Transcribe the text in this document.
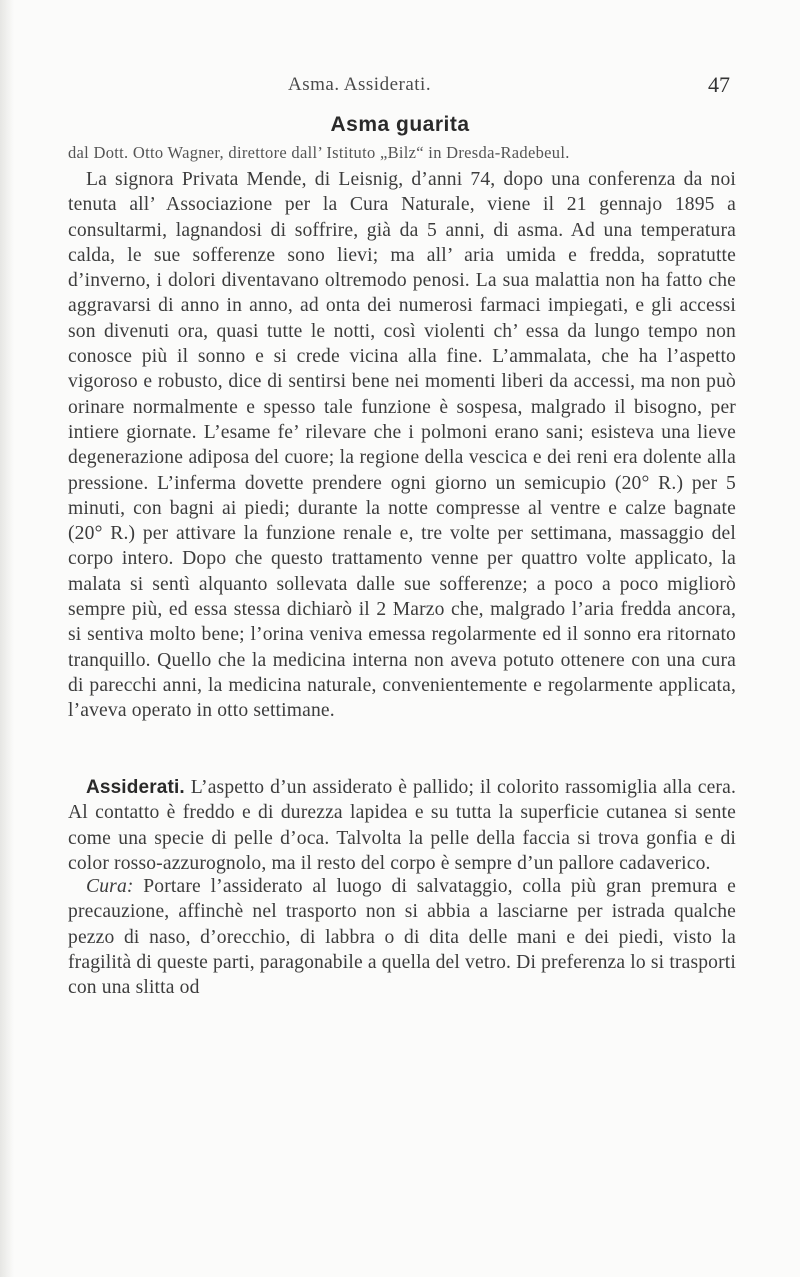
Asma. Assiderati.	47
Asma guarita
dal Dott. Otto Wagner, direttore dall’ Istituto „Bilz“ in Dresda-Radebeul.

La signora Privata Mende, di Leisnig, d’anni 74, dopo una conferenza da noi tenuta all’ Associazione per la Cura Naturale, viene il 21 gennajo 1895 a consultarmi, lagnandosi di soffrire, già da 5 anni, di asma. Ad una temperatura calda, le sue sofferenze sono lievi; ma all’ aria umida e fredda, sopratutte d’inverno, i dolori diventavano oltremodo penosi. La sua malattia non ha fatto che aggravarsi di anno in anno, ad onta dei numerosi farmaci impiegati, e gli accessi son divenuti ora, quasi tutte le notti, così violenti ch’ essa da lungo tempo non conosce più il sonno e si crede vicina alla fine. L’ammalata, che ha l’aspetto vigoroso e robusto, dice di sentirsi bene nei momenti liberi da accessi, ma non può orinare normalmente e spesso tale funzione è sospesa, malgrado il bisogno, per intiere giornate. L’esame fe’ rilevare che i polmoni erano sani; esisteva una lieve degenerazione adiposa del cuore; la regione della vescica e dei reni era dolente alla pressione. L’inferma dovette prendere ogni giorno un semicupio (20° R.) per 5 minuti, con bagni ai piedi; durante la notte compresse al ventre e calze bagnate (20° R.) per attivare la funzione renale e, tre volte per settimana, massaggio del corpo intero. Dopo che questo trattamento venne per quattro volte applicato, la malata si sentì alquanto sollevata dalle sue sofferenze; a poco a poco migliorò sempre più, ed essa stessa dichiarò il 2 Marzo che, malgrado l’aria fredda ancora, si sentiva molto bene; l’orina veniva emessa regolarmente ed il sonno era ritornato tranquillo. Quello che la medicina interna non aveva potuto ottenere con una cura di parecchi anni, la medicina naturale, convenientemente e regolarmente applicata, l’aveva operato in otto settimane.

Assiderati. L’aspetto d’un assiderato è pallido; il colorito rassomiglia alla cera. Al contatto è freddo e di durezza lapidea e su tutta la superficie cutanea si sente come una specie di pelle d’oca. Talvolta la pelle della faccia si trova gonfia e di color rosso-azzurognolo, ma il resto del corpo è sempre d’un pallore cadaverico.

Cura: Portare l’assiderato al luogo di salvataggio, colla più gran premura e precauzione, affinchè nel trasporto non si abbia a lasciarne per istrada qualche pezzo di naso, d’orecchio, di labbra o di dita delle mani e dei piedi, visto la fragilità di queste parti, paragonabile a quella del vetro. Di preferenza lo si trasporti con una slitta od
